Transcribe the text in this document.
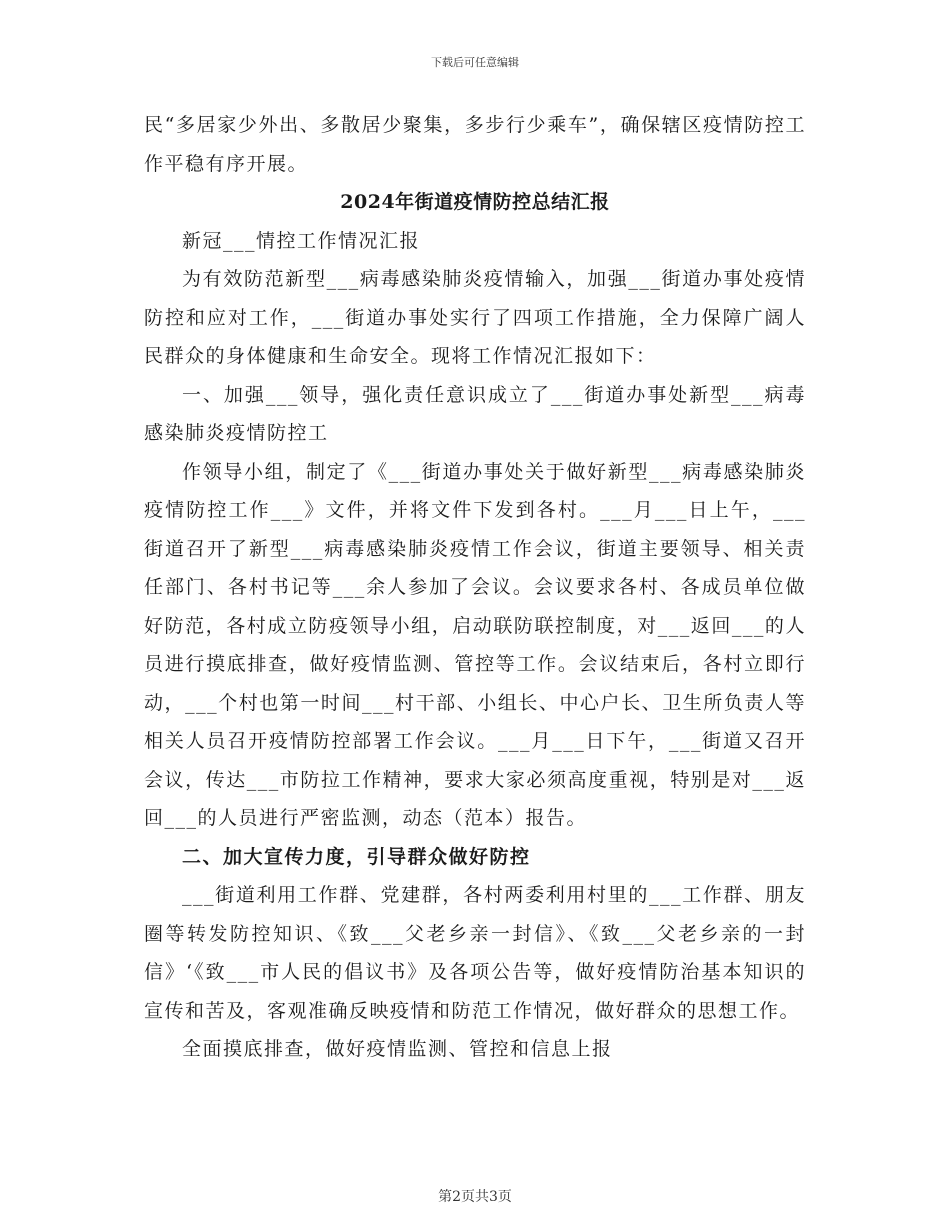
下载后可任意编辑

民“多居家少外出、多散居少聚集，多步行少乘车”，确保辖区疫情防控工作平稳有序开展。

2024年街道疫情防控总结汇报

新冠___情控工作情况汇报

为有效防范新型___病毒感染肺炎疫情输入，加强___街道办事处疫情防控和应对工作，___街道办事处实行了四项工作措施，全力保障广阔人民群众的身体健康和生命安全。现将工作情况汇报如下：

一、加强___领导，强化责任意识成立了___街道办事处新型___病毒感染肺炎疫情防控工

作领导小组，制定了《___街道办事处关于做好新型___病毒感染肺炎疫情防控工作___》文件，并将文件下发到各村。___月___日上午，___街道召开了新型___病毒感染肺炎疫情工作会议，街道主要领导、相关责任部门、各村书记等___余人参加了会议。会议要求各村、各成员单位做好防范，各村成立防疫领导小组，启动联防联控制度，对___返回___的人员进行摸底排查，做好疫情监测、管控等工作。会议结束后，各村立即行动，___个村也第一时间___村干部、小组长、中心户长、卫生所负责人等相关人员召开疫情防控部署工作会议。___月___日下午，___街道又召开会议，传达___市防拉工作精神，要求大家必须高度重视，特别是对___返回___的人员进行严密监测，动态（范本）报告。

二、加大宣传力度，引导群众做好防控

___街道利用工作群、党建群，各村两委利用村里的___工作群、朋友圈等转发防控知识、《致___父老乡亲一封信》、《致___父老乡亲的一封信》‘《致___市人民的倡议书》及各项公告等，做好疫情防治基本知识的宣传和苦及，客观准确反映疫情和防范工作情况，做好群众的思想工作。

全面摸底排查，做好疫情监测、管控和信息上报

第2页共3页
